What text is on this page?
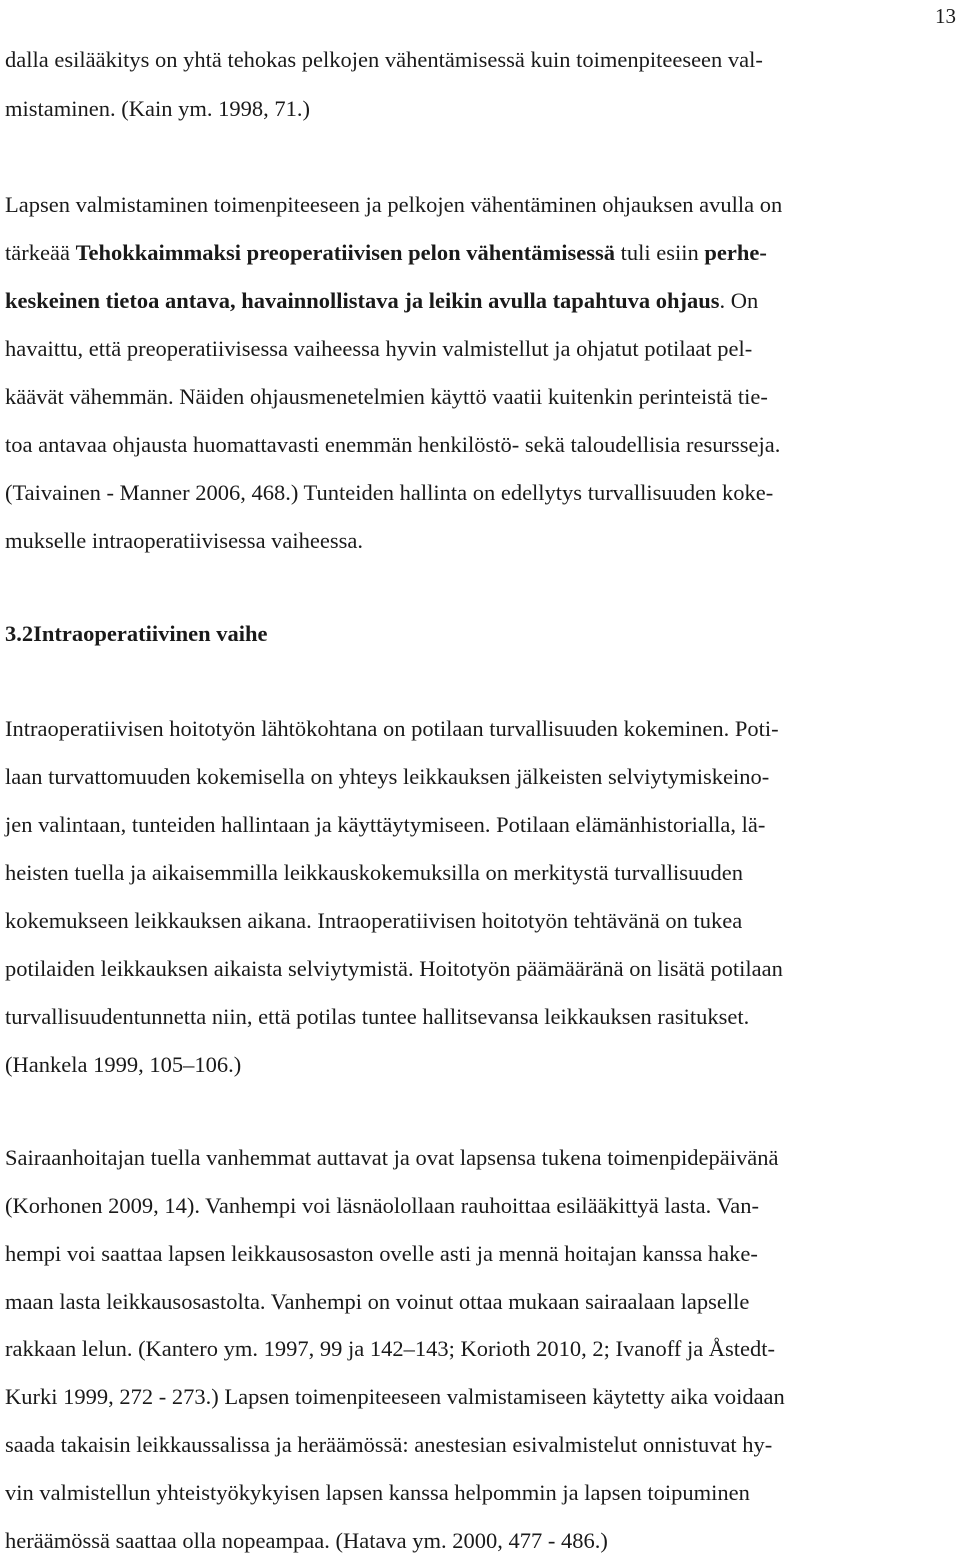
13
dalla esilääkitys on yhtä tehokas pelkojen vähentämisessä kuin toimenpiteeseen val-
mistaminen. (Kain ym. 1998, 71.)
Lapsen valmistaminen toimenpiteeseen ja pelkojen vähentäminen ohjauksen avulla on
tärkeää Tehokkaimmaksi preoperatiivisen pelon vähentämisessä tuli esiin perhe-
keskeinen tietoa antava, havainnollistava ja leikin avulla tapahtuva ohjaus. On
havaittu, että preoperatiivisessa vaiheessa hyvin valmistellut ja ohjatut potilaat pel-
käävät vähemmän. Näiden ohjausmenetelmien käyttö vaatii kuitenkin perinteistä tie-
toa antavaa ohjausta huomattavasti enemmän henkilöstö- sekä taloudellisia resursseja.
(Taivainen - Manner 2006, 468.) Tunteiden hallinta on edellytys turvallisuuden koke-
mukselle intraoperatiivisessa vaiheessa.
3.2Intraoperatiivinen vaihe
Intraoperatiivisen hoitotyön lähtökohtana on potilaan turvallisuuden kokeminen. Poti-
laan turvattomuuden kokemisella on yhteys leikkauksen jälkeisten selviytymiskeino-
jen valintaan, tunteiden hallintaan ja käyttäytymiseen. Potilaan elämänhistorialla, lä-
heisten tuella ja aikaisemmilla leikkauskokemuksilla on merkitystä turvallisuuden
kokemukseen leikkauksen aikana. Intraoperatiivisen hoitotyön tehtävänä on tukea
potilaiden leikkauksen aikaista selviytymistä. Hoitotyön päämääränä on lisätä potilaan
turvallisuudentunnetta niin, että potilas tuntee hallitsevansa leikkauksen rasitukset.
(Hankela 1999, 105–106.)
Sairaanhoitajan tuella vanhemmat auttavat ja ovat lapsensa tukena toimenpidepäivänä
(Korhonen 2009, 14). Vanhempi voi läsnäolollaan rauhoittaa esilääkittyä lasta. Van-
hempi voi saattaa lapsen leikkausosaston ovelle asti ja mennä hoitajan kanssa hake-
maan lasta leikkausosastolta. Vanhempi on voinut ottaa mukaan sairaalaan lapselle
rakkaan lelun. (Kantero ym. 1997, 99 ja 142–143; Korioth 2010, 2; Ivanoff ja Åstedt-
Kurki 1999, 272 - 273.) Lapsen toimenpiteeseen valmistamiseen käytetty aika voidaan
saada takaisin leikkaussalissa ja heräämössä: anestesian esivalmistelut onnistuvat hy-
vin valmistellun yhteistyökykyisen lapsen kanssa helpommin ja lapsen toipuminen
heräämössä saattaa olla nopeampaa. (Hatava ym. 2000, 477 - 486.)
